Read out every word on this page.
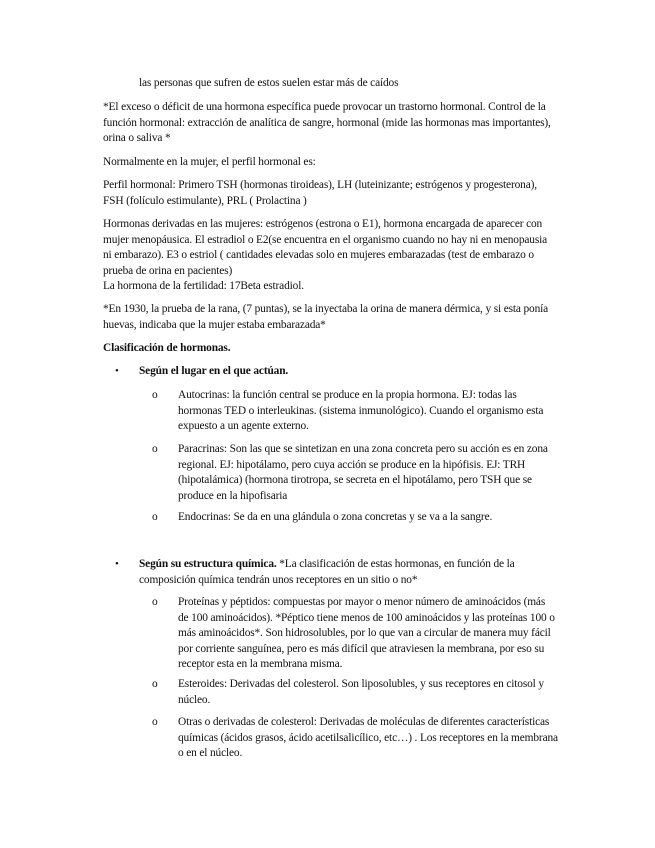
las personas que sufren de estos suelen estar más de caídos

*El exceso o déficit de una hormona específica puede provocar un trastorno hormonal. Control de la función hormonal: extracción de analítica de sangre, hormonal (mide las hormonas mas importantes), orina o saliva *

Normalmente en la mujer, el perfil hormonal es:

Perfil hormonal: Primero TSH (hormonas tiroideas), LH (luteinizante; estrógenos y progesterona), FSH (folículo estimulante), PRL ( Prolactina )

Hormonas derivadas en las mujeres: estrógenos (estrona o E1), hormona encargada de aparecer con mujer menopáusica. El estradiol o E2(se encuentra en el organismo cuando no hay ni en menopausia ni embarazo). E3 o estriol ( cantidades elevadas solo en mujeres embarazadas (test de embarazo o prueba de orina en pacientes)

La hormona de la fertilidad: 17Beta estradiol.

*En 1930, la prueba de la rana, (7 puntas), se la inyectaba la orina de manera dérmica, y si esta ponía huevas, indicaba que la mujer estaba embarazada*

Clasificación de hormonas.

• Según el lugar en el que actúan.

o Autocrinas: la función central se produce en la propia hormona. EJ: todas las hormonas TED o interleukinas. (sistema inmunológico). Cuando el organismo esta expuesto a un agente externo.

o Paracrinas: Son las que se sintetizan en una zona concreta pero su acción es en zona regional. EJ: hipotálamo, pero cuya acción se produce en la hipófisis. EJ: TRH (hipotalámica) (hormona tirotropa, se secreta en el hipotálamo, pero TSH que se produce en la hipofisaria

o Endocrinas: Se da en una glándula o zona concretas y se va a la sangre.

• Según su estructura química. *La clasificación de estas hormonas, en función de la composición química tendrán unos receptores en un sitio o no*

o Proteínas y péptidos: compuestas por mayor o menor número de aminoácidos (más de 100 aminoácidos). *Péptico tiene menos de 100 aminoácidos y las proteínas 100 o más aminoácidos*. Son hidrosolubles, por lo que van a circular de manera muy fácil por corriente sanguínea, pero es más difícil que atraviesen la membrana, por eso su receptor esta en la membrana misma.

o Esteroides: Derivadas del colesterol. Son liposolubles, y sus receptores en citosol y núcleo.

o Otras o derivadas de colesterol: Derivadas de moléculas de diferentes características químicas (ácidos grasos, ácido acetilsalicílico, etc…) . Los receptores en la membrana o en el núcleo.
